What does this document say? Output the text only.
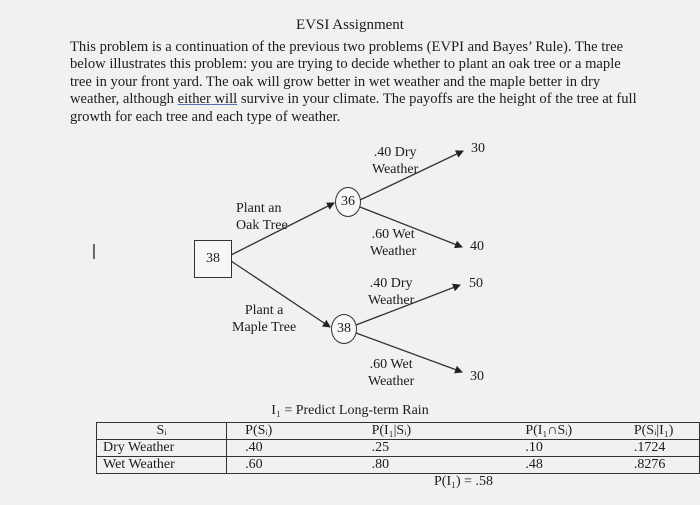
EVSI Assignment
This problem is a continuation of the previous two problems (EVPI and Bayes’ Rule). The tree below illustrates this problem: you are trying to decide whether to plant an oak tree or a maple tree in your front yard. The oak will grow better in wet weather and the maple better in dry weather, although either will survive in your climate. The payoffs are the height of the tree at full growth for each tree and each type of weather.
I	38
36
38
Plant an
Oak Tree
Plant a
Maple Tree
.40 Dry
Weather
.60 Wet
Weather
.40 Dry
Weather
.60 Wet
Weather
30
40
50
30
I₁ = Predict Long-term Rain
Sᵢ	P(Sᵢ)	P(I₁|Sᵢ)	P(I₁∩Sᵢ)	P(Sᵢ|I₁)
Dry Weather	.40	.25	.10	.1724
Wet Weather	.60	.80	.48	.8276
P(I₁) = .58
